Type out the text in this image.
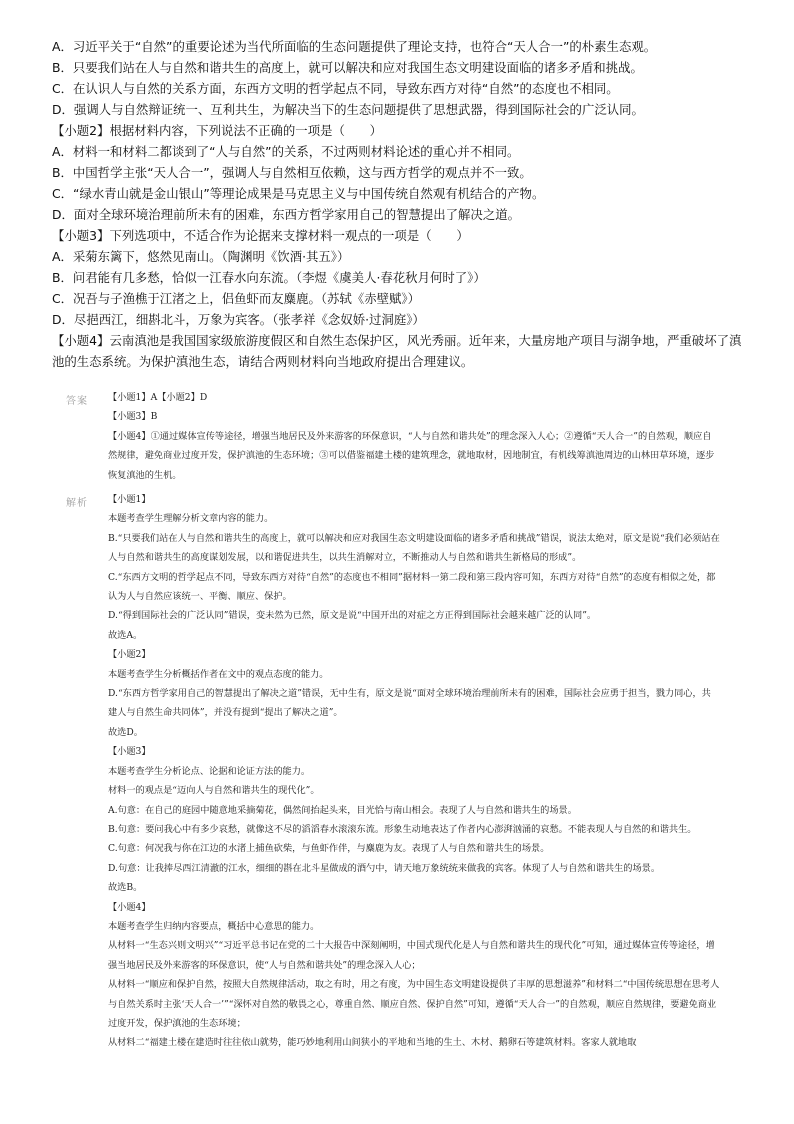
A．习近平关于“自然”的重要论述为当代所面临的生态问题提供了理论支持，也符合“天人合一”的朴素生态观。

B．只要我们站在人与自然和谐共生的高度上，就可以解决和应对我国生态文明建设面临的诸多矛盾和挑战。

C．在认识人与自然的关系方面，东西方文明的哲学起点不同，导致东西方对待“自然”的态度也不相同。

D．强调人与自然辩证统一、互利共生，为解决当下的生态问题提供了思想武器，得到国际社会的广泛认同。

【小题2】根据材料内容，下列说法不正确的一项是（　　）

A．材料一和材料二都谈到了“人与自然”的关系，不过两则材料论述的重心并不相同。

B．中国哲学主张“天人合一”，强调人与自然相互依赖，这与西方哲学的观点并不一致。

C．“绿水青山就是金山银山”等理论成果是马克思主义与中国传统自然观有机结合的产物。

D．面对全球环境治理前所未有的困难，东西方哲学家用自己的智慧提出了解决之道。

【小题3】下列选项中，不适合作为论据来支撑材料一观点的一项是（　　）

A．采菊东篱下，悠然见南山。（陶渊明《饮酒·其五》）

B．问君能有几多愁，恰似一江春水向东流。（李煜《虞美人·春花秋月何时了》）

C．况吾与子渔樵于江渚之上，侣鱼虾而友麋鹿。（苏轼《赤壁赋》）

D．尽挹西江，细斟北斗，万象为宾客。（张孝祥《念奴娇·过洞庭》）

【小题4】云南滇池是我国国家级旅游度假区和自然生态保护区，风光秀丽。近年来，大量房地产项目与湖争地，严重破坏了滇池的生态系统。为保护滇池生态，请结合两则材料向当地政府提出合理建议。

答案 【小题1】A【小题2】D

【小题3】B

【小题4】①通过媒体宣传等途径，增强当地居民及外来游客的环保意识，“人与自然和谐共处”的理念深入人心；②遵循“天人合一”的自然观，顺应自然规律，避免商业过度开发，保护滇池的生态环境；③可以借鉴福建土楼的建筑理念，就地取材，因地制宜，有机线筹滇池周边的山林田草环境，逐步恢复滇池的生机。

解析 【小题1】

本题考查学生理解分析文章内容的能力。

B.“只要我们站在人与自然和谐共生的高度上，就可以解决和应对我国生态文明建设面临的诸多矛盾和挑战”错误，说法太绝对，原文是说“我们必须站在人与自然和谐共生的高度谋划发展，以和谐促进共生，以共生消解对立，不断推动人与自然和谐共生新格局的形成”。

C.“东西方文明的哲学起点不同，导致东西方对待“自然”的态度也不相同”据材料一第二段和第三段内容可知，东西方对待“自然”的态度有相似之处，都认为人与自然应该统一、平衡、顺应、保护。

D.“得到国际社会的广泛认同”错误，变未然为已然，原文是说“中国开出的对症之方正得到国际社会越来越广泛的认同”。

故选A。

【小题2】

本题考查学生分析概括作者在文中的观点态度的能力。

D.“东西方哲学家用自己的智慧提出了解决之道”错误，无中生有，原文是说“面对全球环境治理前所未有的困难，国际社会应勇于担当，戮力同心，共建人与自然生命共同体”，并没有提到“提出了解决之道”。

故选D。

【小题3】

本题考查学生分析论点、论据和论证方法的能力。

材料一的观点是“迈向人与自然和谐共生的现代化”。

A.句意：在自己的庭园中随意地采摘菊花，偶然间抬起头来，目光恰与南山相会。表现了人与自然和谐共生的场景。

B.句意：要问我心中有多少哀愁，就像这不尽的滔滔春水滚滚东流。形象生动地表达了作者内心澎湃汹涌的哀愁。不能表现人与自然的和谐共生。

C.句意：何况我与你在江边的水渚上捕鱼砍柴，与鱼虾作伴，与麋鹿为友。表现了人与自然和谐共生的场景。

D.句意：让我捧尽西江清澈的江水，细细的斟在北斗星做成的酒勺中，请天地万象统统来做我的宾客。体现了人与自然和谐共生的场景。

故选B。

【小题4】

本题考查学生归纳内容要点，概括中心意思的能力。

从材料一“生态兴则文明兴”“习近平总书记在党的二十大报告中深刻阐明，中国式现代化是人与自然和谐共生的现代化”可知，通过媒体宣传等途径，增强当地居民及外来游客的环保意识，使“人与自然和谐共处”的理念深入人心；

从材料一“顺应和保护自然，按照大自然规律活动，取之有时，用之有度，为中国生态文明建设提供了丰厚的思想滋养”和材料二“中国传统思想在思考人与自然关系时主张‘天人合一’”“深怀对自然的敬畏之心，尊重自然、顺应自然、保护自然”可知，遵循“天人合一”的自然观，顺应自然规律，要避免商业过度开发，保护滇池的生态环境；

从材料二“福建土楼在建造时往往依山就势，能巧妙地利用山间狭小的平地和当地的生土、木材、鹅卵石等建筑材料。客家人就地取
